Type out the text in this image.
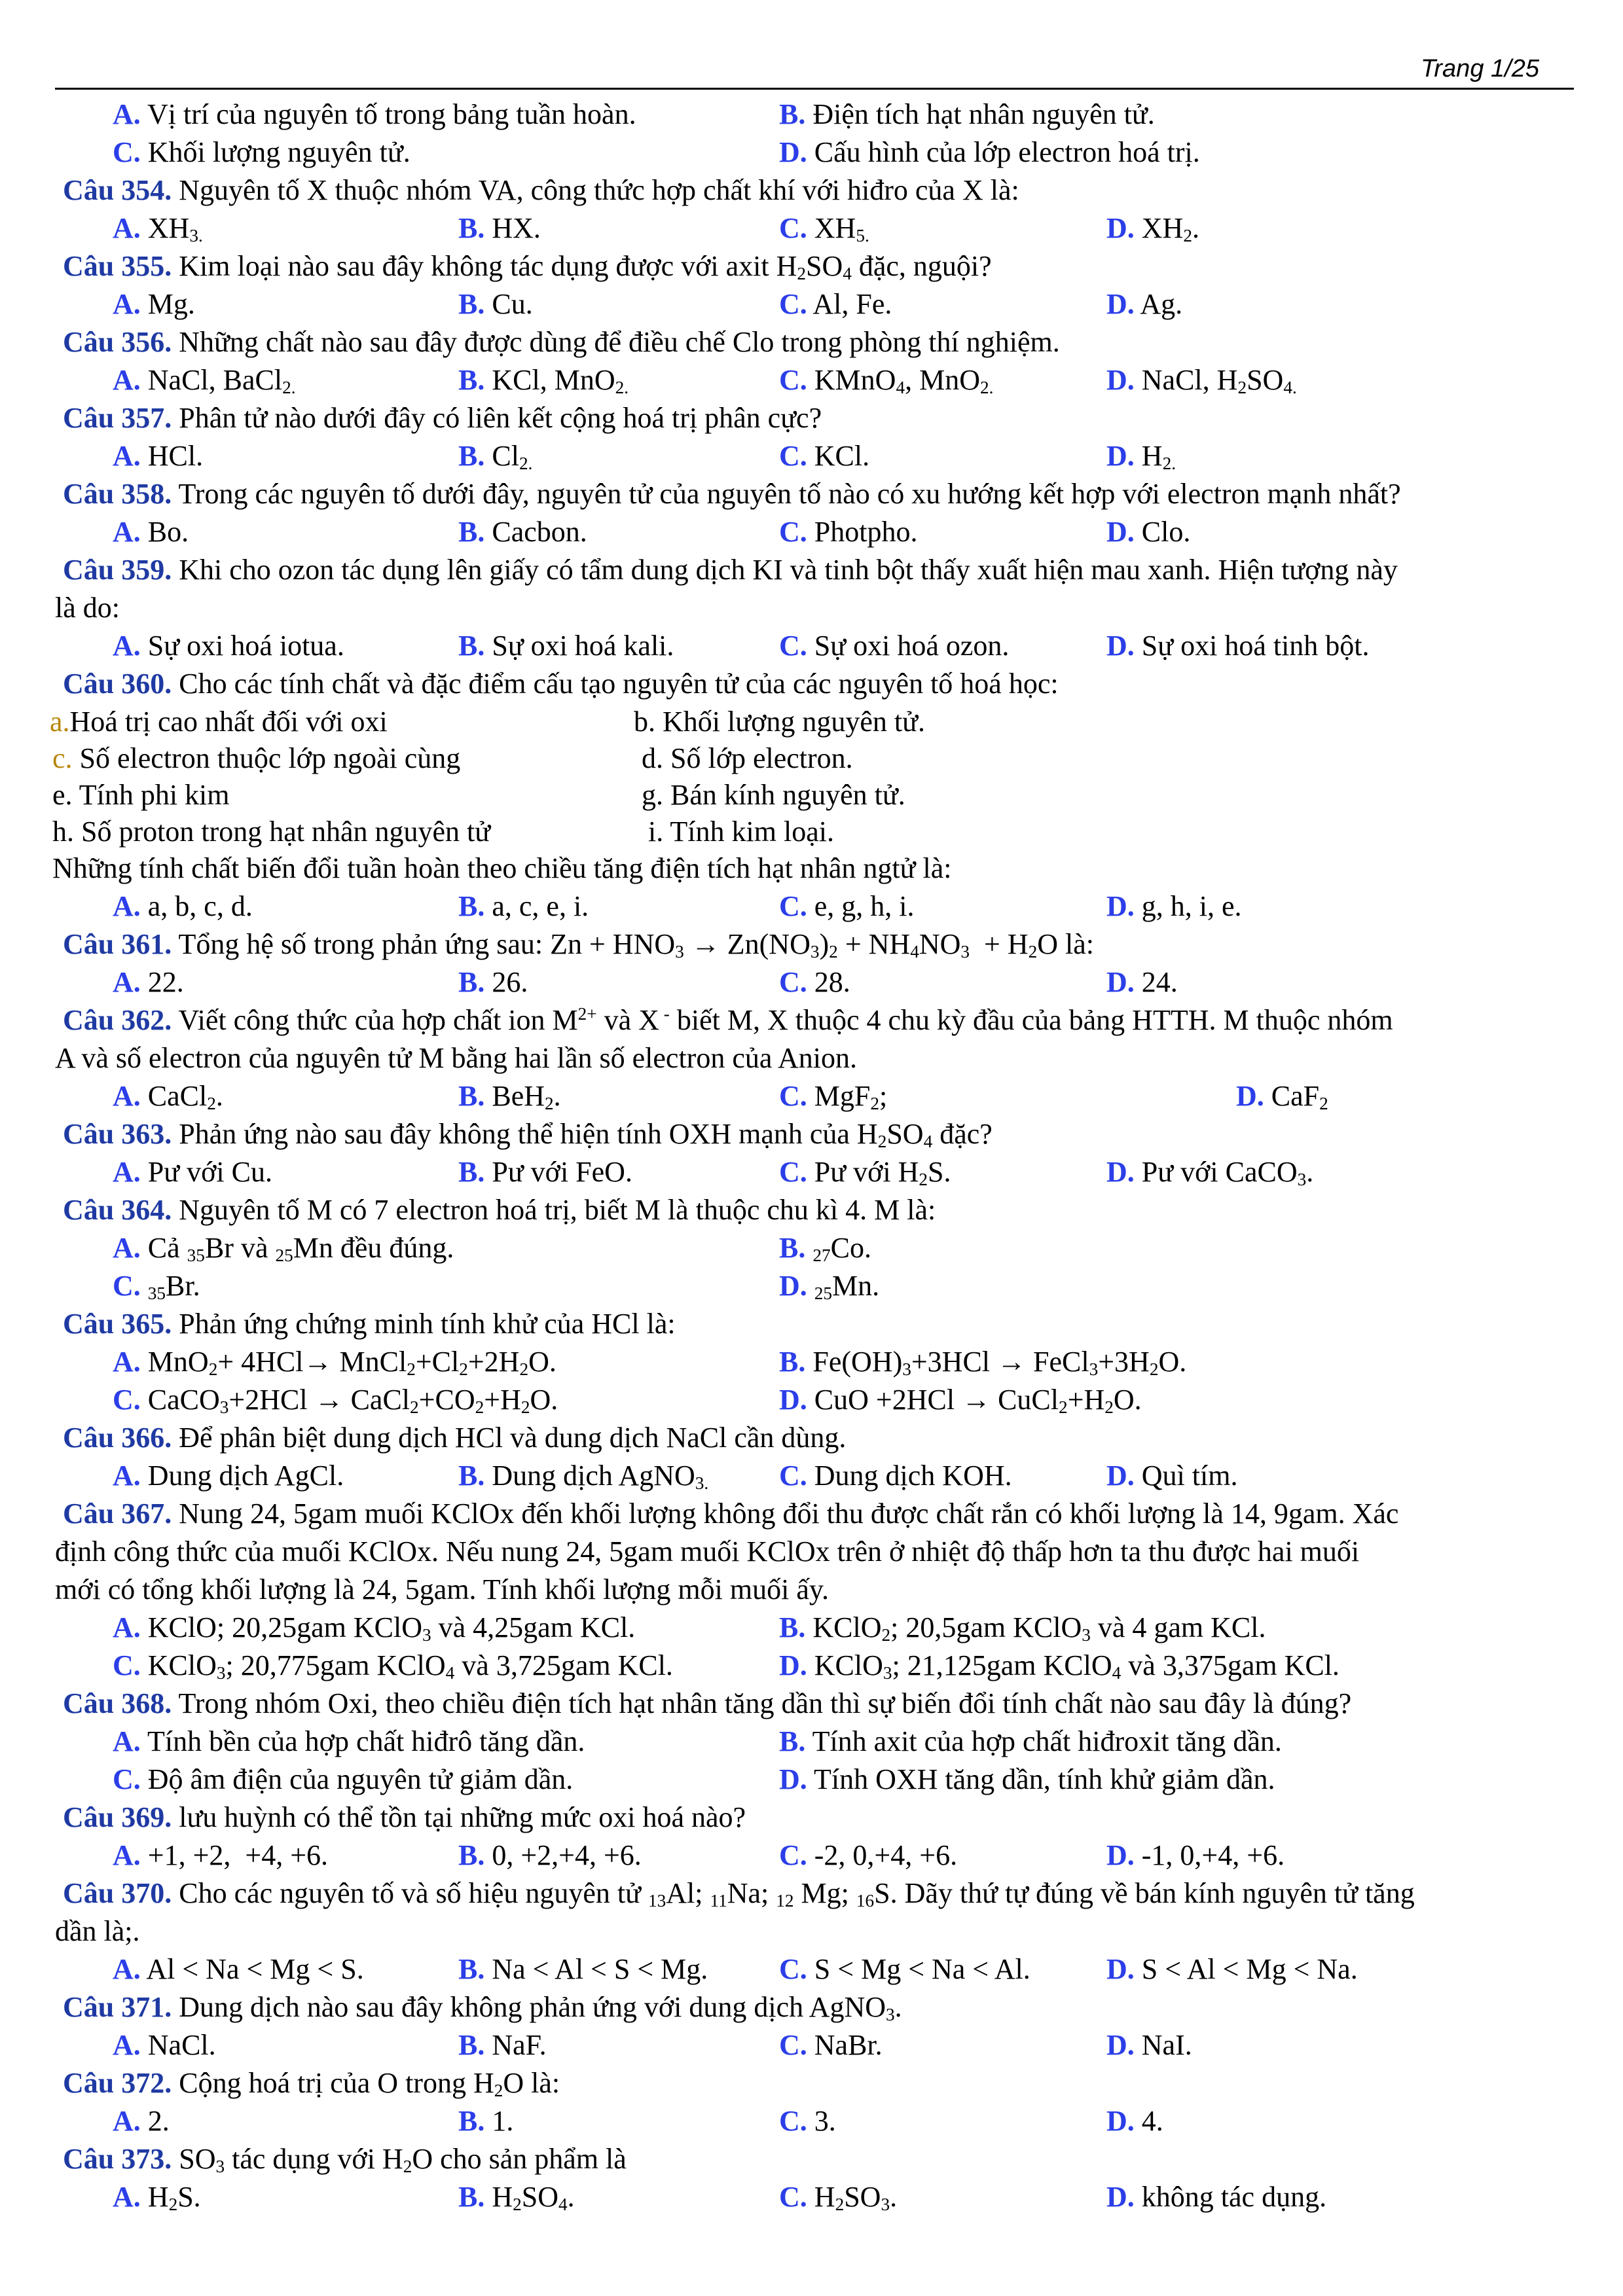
Trang 1/25
A. Vị trí của nguyên tố trong bảng tuần hoàn.	B. Điện tích hạt nhân nguyên tử.
C. Khối lượng nguyên tử.	D. Cấu hình của lớp electron hoá trị.
Câu 354. Nguyên tố X thuộc nhóm VA, công thức hợp chất khí với hiđro của X là:
A. $XH_{3.}$	B. HX.	C. $XH_{5.}$	D. $XH_2$.
Câu 355. Kim loại nào sau đây không tác dụng được với axit $H_2SO_4$ đặc, nguội?
A. Mg.	B. Cu.	C. Al, Fe.	D. Ag.
Câu 356. Những chất nào sau đây được dùng để điều chế Clo trong phòng thí nghiệm.
A. NaCl, BaCl$_{2.}$	B. KCl, MnO$_{2.}$	C. KMnO$_4$, MnO$_{2.}$	D. NaCl, $H_2SO_{4.}$
Câu 357. Phân tử nào dưới đây có liên kết cộng hoá trị phân cực?
A. HCl.	B. $Cl_{2.}$	C. KCl.	D. $H_{2.}$
Câu 358. Trong các nguyên tố dưới đây, nguyên tử của nguyên tố nào có xu hướng kết hợp với electron mạnh nhất?
A. Bo.	B. Cacbon.	C. Photpho.	D. Clo.
Câu 359. Khi cho ozon tác dụng lên giấy có tẩm dung dịch KI và tinh bột thấy xuất hiện mau xanh. Hiện tượng này
là do:
A. Sự oxi hoá iotua.	B. Sự oxi hoá kali.	C. Sự oxi hoá ozon.	D. Sự oxi hoá tinh bột.
Câu 360. Cho các tính chất và đặc điểm cấu tạo nguyên tử của các nguyên tố hoá học:
a.Hoá trị cao nhất đối với oxi	b. Khối lượng nguyên tử.
c. Số electron thuộc lớp ngoài cùng	d. Số lớp electron.
e. Tính phi kim	g. Bán kính nguyên tử.
h. Số proton trong hạt nhân nguyên tử	i. Tính kim loại.
Những tính chất biến đổi tuần hoàn theo chiều tăng điện tích hạt nhân ngtử là:
A. a, b, c, d.	B. a, c, e, i.	C. e, g, h, i.	D. g, h, i, e.
Câu 361. Tổng hệ số trong phản ứng sau: $Zn + HNO_3 \to Zn(NO_3)_2 + NH_4NO_3 + H_2O$ là:
A. 22.	B. 26.	C. 28.	D. 24.
Câu 362. Viết công thức của hợp chất ion $M^{2+}$ và X - biết M, X thuộc 4 chu kỳ đầu của bảng HTTH. M thuộc nhóm
A và số electron của nguyên tử M bằng hai lần số electron của Anion.
A. CaCl$_2$.	B. BeH$_2$.	C. MgF$_2$;	D. CaF$_2$
Câu 363. Phản ứng nào sau đây không thể hiện tính OXH mạnh của $H_2SO_4$ đặc?
A. Pư với Cu.	B. Pư với FeO.	C. Pư với $H_2S$.	D. Pư với CaCO$_3$.
Câu 364. Nguyên tố M có 7 electron hoá trị, biết M là thuộc chu kì 4. M là:
A. Cả $_{35}$Br và $_{25}$Mn đều đúng.	B. $_{27}$Co.
C. $_{35}$Br.	D. $_{25}$Mn.
Câu 365. Phản ứng chứng minh tính khử của HCl là:
A. $MnO_2+ 4HCl\to MnCl_2+Cl_2+2H_2O$.	B. $Fe(OH)_3+3HCl$ → $FeCl_3+3H_2O$.
C. CaCO$_3$+2HCl → $CaCl_2+CO_2+H_2O$.	D. CuO $+2HCl \to CuCl_2+H_2O$.
Câu 366. Để phân biệt dung dịch HCl và dung dịch NaCl cần dùng.
A. Dung dịch AgCl.	B. Dung dịch AgNO$_{3.}$ C. Dung dịch KOH.	D. Quì tím.
Câu 367. Nung 24, 5gam muối KClOx đến khối lượng không đổi thu được chất rắn có khối lượng là 14, 9gam. Xác
định công thức của muối KClOx. Nếu nung 24, 5gam muối KClOx trên ở nhiệt độ thấp hơn ta thu được hai muối
mới có tổng khối lượng là 24, 5gam. Tính khối lượng mỗi muối ấy.
A. KClO; 20,25gam KClO$_3$ và 4,25gam KCl.	B. KClO$_2$; 20,5gam KClO$_3$ và 4 gam KCl.
C. KClO$_3$; 20,775gam KClO$_4$ và 3,725gam KCl.	D. KClO$_3$; 21,125gam KClO$_4$ và 3,375gam KCl.
Câu 368. Trong nhóm Oxi, theo chiều điện tích hạt nhân tăng dần thì sự biến đổi tính chất nào sau đây là đúng?
A. Tính bền của hợp chất hiđrô tăng dần.	B. Tính axit của hợp chất hiđroxit tăng dần.
C. Độ âm điện của nguyên tử giảm dần.	D. Tính OXH tăng dần, tính khử giảm dần.
Câu 369. lưu huỳnh có thể tồn tại những mức oxi hoá nào?
A. +1, +2,  +4, +6.	B. 0, +2,+4, +6.	C. -2, 0,+4, +6.	D. -1, 0,+4, +6.
Câu 370. Cho các nguyên tố và số hiệu nguyên tử $_{13}$Al; $_{11}$Na; $_{12}$ Mg; $_{16}$S. Dãy thứ tự đúng về bán kính nguyên tử tăng
dần là;.
A. Al < Na < Mg < S.	B. Na < Al < S < Mg. C. S < Mg < Na < Al.	D. S < Al < Mg < Na.
Câu 371. Dung dịch nào sau đây không phản ứng với dung dịch AgNO$_3$.
A. NaCl.	B. NaF.	C. NaBr.	D. NaI.
Câu 372. Cộng hoá trị của O trong $H_2O$ là:
A. 2.	B. 1.	C. 3.	D. 4.
Câu 373. $SO_3$ tác dụng với $H_2O$ cho sản phẩm là
A. $H_2S$.	B. $H_2SO_4$.	C. $H_2SO_3$.	D. không tác dụng.
